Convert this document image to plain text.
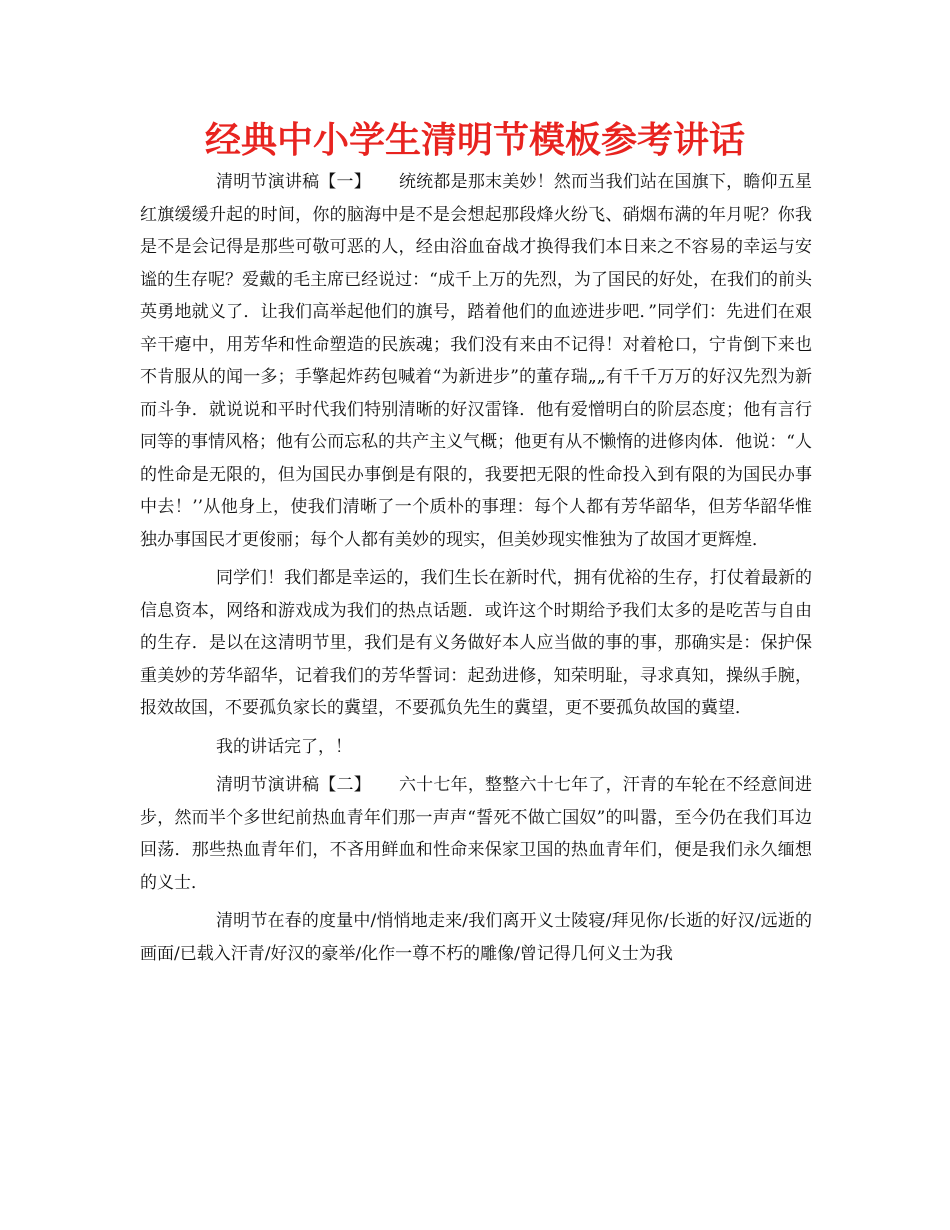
经典中小学生清明节模板参考讲话

清明节演讲稿【一】 统统都是那末美妙！然而当我们站在国旗下，瞻仰五星红旗缓缓升起的时间，你的脑海中是不是会想起那段烽火纷飞、硝烟布满的年月呢？你我是不是会记得是那些可敬可恶的人，经由浴血奋战才换得我们本日来之不容易的幸运与安谧的生存呢？爱戴的毛主席已经说过：“成千上万的先烈，为了国民的好处，在我们的前头英勇地就义了．让我们高举起他们的旗号，踏着他们的血迹进步吧．”同学们：先进们在艰辛干瘪中，用芳华和性命塑造的民族魂；我们没有来由不记得！对着枪口，宁肯倒下来也不肯服从的闻一多；手擎起炸药包喊着“为新进步”的董存瑞„„有千千万万的好汉先烈为新而斗争．就说说和平时代我们特别清晰的好汉雷锋．他有爱憎明白的阶层态度；他有言行同等的事情风格；他有公而忘私的共产主义气概；他更有从不懒惰的进修肉体．他说：“人的性命是无限的，但为国民办事倒是有限的，我要把无限的性命投入到有限的为国民办事中去！’’从他身上，使我们清晰了一个质朴的事理：每个人都有芳华韶华，但芳华韶华惟独办事国民才更俊丽；每个人都有美妙的现实，但美妙现实惟独为了故国才更辉煌．

同学们！我们都是幸运的，我们生长在新时代，拥有优裕的生存，打仗着最新的信息资本，网络和游戏成为我们的热点话题．或许这个时期给予我们太多的是吃苦与自由的生存．是以在这清明节里，我们是有义务做好本人应当做的事的事，那确实是：保护保重美妙的芳华韶华，记着我们的芳华誓词：起劲进修，知荣明耻，寻求真知，操纵手腕，报效故国，不要孤负家长的冀望，不要孤负先生的冀望，更不要孤负故国的冀望．

我的讲话完了，！

清明节演讲稿【二】 六十七年，整整六十七年了，汗青的车轮在不经意间进步，然而半个多世纪前热血青年们那一声声“誓死不做亡国奴”的叫嚣，至今仍在我们耳边回荡．那些热血青年们，不吝用鲜血和性命来保家卫国的热血青年们，便是我们永久缅想的义士．

清明节在春的度量中/悄悄地走来/我们离开义士陵寝/拜见你/长逝的好汉/远逝的画面/已载入汗青/好汉的豪举/化作一尊不朽的雕像/曾记得几何义士为我
